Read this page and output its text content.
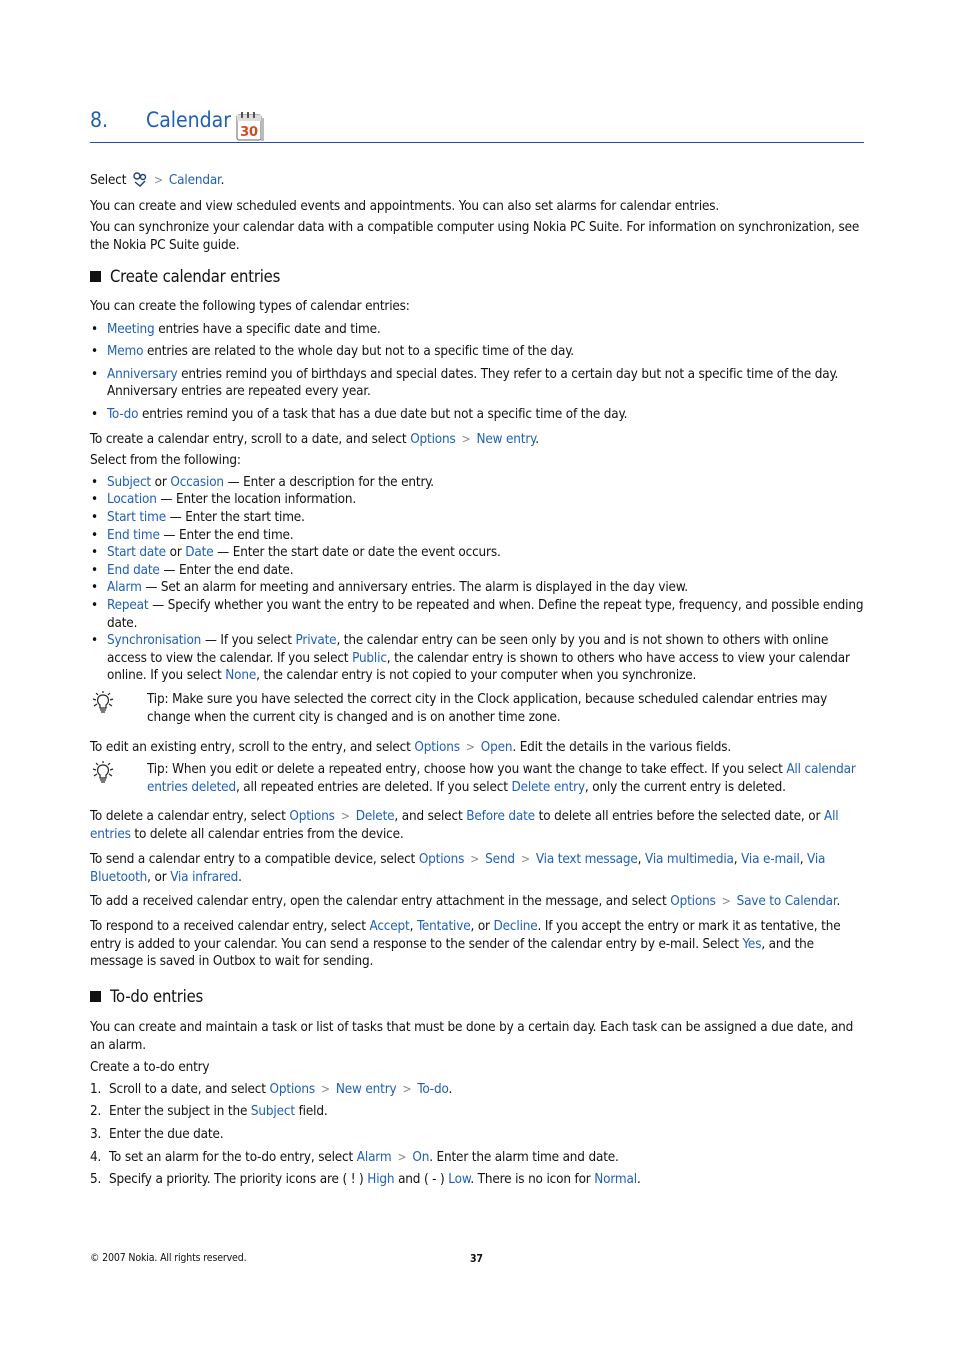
8. Calendar
30

Select > Calendar.

You can create and view scheduled events and appointments. You can also set alarms for calendar entries.

You can synchronize your calendar data with a compatible computer using Nokia PC Suite. For information on synchronization, see the Nokia PC Suite guide.

Create calendar entries

You can create the following types of calendar entries:

• Meeting entries have a specific date and time.
• Memo entries are related to the whole day but not to a specific time of the day.
• Anniversary entries remind you of birthdays and special dates. They refer to a certain day but not a specific time of the day. Anniversary entries are repeated every year.
• To-do entries remind you of a task that has a due date but not a specific time of the day.

To create a calendar entry, scroll to a date, and select Options > New entry.

Select from the following:

• Subject or Occasion — Enter a description for the entry.
• Location — Enter the location information.
• Start time — Enter the start time.
• End time — Enter the end time.
• Start date or Date — Enter the start date or date the event occurs.
• End date — Enter the end date.
• Alarm — Set an alarm for meeting and anniversary entries. The alarm is displayed in the day view.
• Repeat — Specify whether you want the entry to be repeated and when. Define the repeat type, frequency, and possible ending date.
• Synchronisation — If you select Private, the calendar entry can be seen only by you and is not shown to others with online access to view the calendar. If you select Public, the calendar entry is shown to others who have access to view your calendar online. If you select None, the calendar entry is not copied to your computer when you synchronize.

Tip: Make sure you have selected the correct city in the Clock application, because scheduled calendar entries may change when the current city is changed and is on another time zone.

To edit an existing entry, scroll to the entry, and select Options > Open. Edit the details in the various fields.

Tip: When you edit or delete a repeated entry, choose how you want the change to take effect. If you select All calendar entries deleted, all repeated entries are deleted. If you select Delete entry, only the current entry is deleted.

To delete a calendar entry, select Options > Delete, and select Before date to delete all entries before the selected date, or All entries to delete all calendar entries from the device.

To send a calendar entry to a compatible device, select Options > Send > Via text message, Via multimedia, Via e-mail, Via Bluetooth, or Via infrared.

To add a received calendar entry, open the calendar entry attachment in the message, and select Options > Save to Calendar.

To respond to a received calendar entry, select Accept, Tentative, or Decline. If you accept the entry or mark it as tentative, the entry is added to your calendar. You can send a response to the sender of the calendar entry by e-mail. Select Yes, and the message is saved in Outbox to wait for sending.

To-do entries

You can create and maintain a task or list of tasks that must be done by a certain day. Each task can be assigned a due date, and an alarm.

Create a to-do entry

1. Scroll to a date, and select Options > New entry > To-do.
2. Enter the subject in the Subject field.
3. Enter the due date.
4. To set an alarm for the to-do entry, select Alarm > On. Enter the alarm time and date.
5. Specify a priority. The priority icons are ( ! ) High and ( - ) Low. There is no icon for Normal.
© 2007 Nokia. All rights reserved.	37
